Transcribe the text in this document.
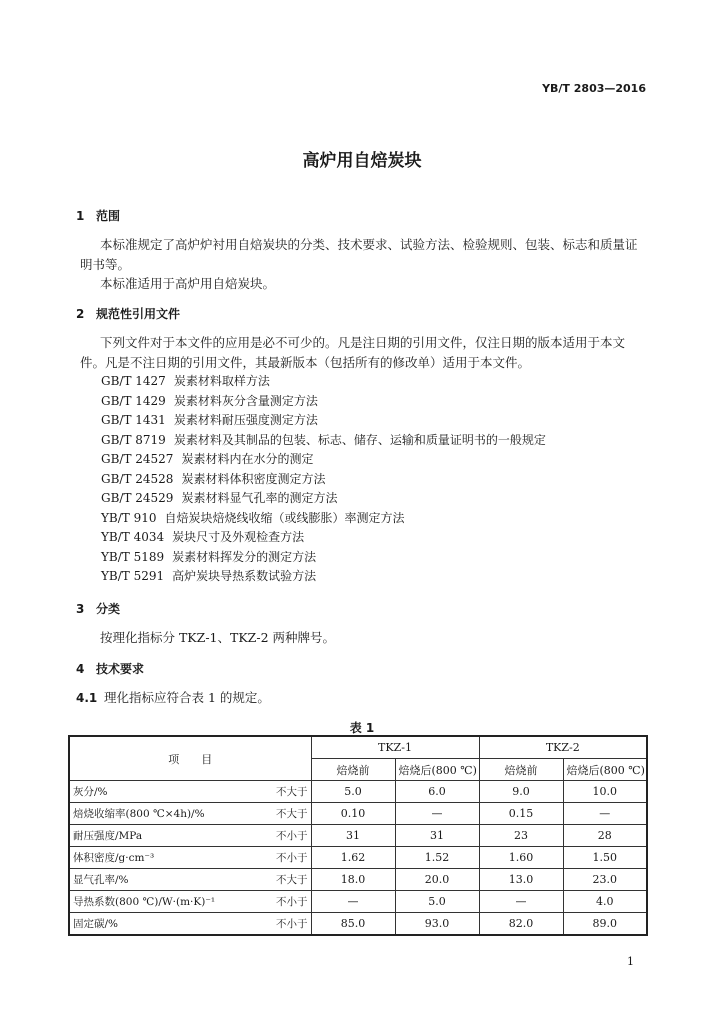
YB/T 2803—2016
高炉用自焙炭块
1 范围
本标准规定了高炉炉衬用自焙炭块的分类、技术要求、试验方法、检验规则、包装、标志和质量证明书等。
本标准适用于高炉用自焙炭块。
2 规范性引用文件
下列文件对于本文件的应用是必不可少的。凡是注日期的引用文件，仅注日期的版本适用于本文件。凡是不注日期的引用文件，其最新版本（包括所有的修改单）适用于本文件。
GB/T 1427 炭素材料取样方法
GB/T 1429 炭素材料灰分含量测定方法
GB/T 1431 炭素材料耐压强度测定方法
GB/T 8719 炭素材料及其制品的包装、标志、储存、运输和质量证明书的一般规定
GB/T 24527 炭素材料内在水分的测定
GB/T 24528 炭素材料体积密度测定方法
GB/T 24529 炭素材料显气孔率的测定方法
YB/T 910 自焙炭块焙烧线收缩（或线膨胀）率测定方法
YB/T 4034 炭块尺寸及外观检查方法
YB/T 5189 炭素材料挥发分的测定方法
YB/T 5291 高炉炭块导热系数试验方法
3 分类
按理化指标分 TKZ-1、TKZ-2 两种牌号。
4 技术要求
4.1 理化指标应符合表 1 的规定。
表 1
项　　目		TKZ-1		TKZ-2	
		焙烧前	焙烧后(800 ℃)	焙烧前	焙烧后(800 ℃)
灰分/%	不大于	5.0	6.0	9.0	10.0
焙烧收缩率(800 ℃×4h)/%	不大于	0.10	—	0.15	—
耐压强度/MPa	不小于	31	31	23	28
体积密度/g·cm⁻³	不小于	1.62	1.52	1.60	1.50
显气孔率/%	不大于	18.0	20.0	13.0	23.0
导热系数(800 ℃)/W·(m·K)⁻¹	不小于	—	5.0	—	4.0
固定碳/%	不小于	85.0	93.0	82.0	89.0
1
